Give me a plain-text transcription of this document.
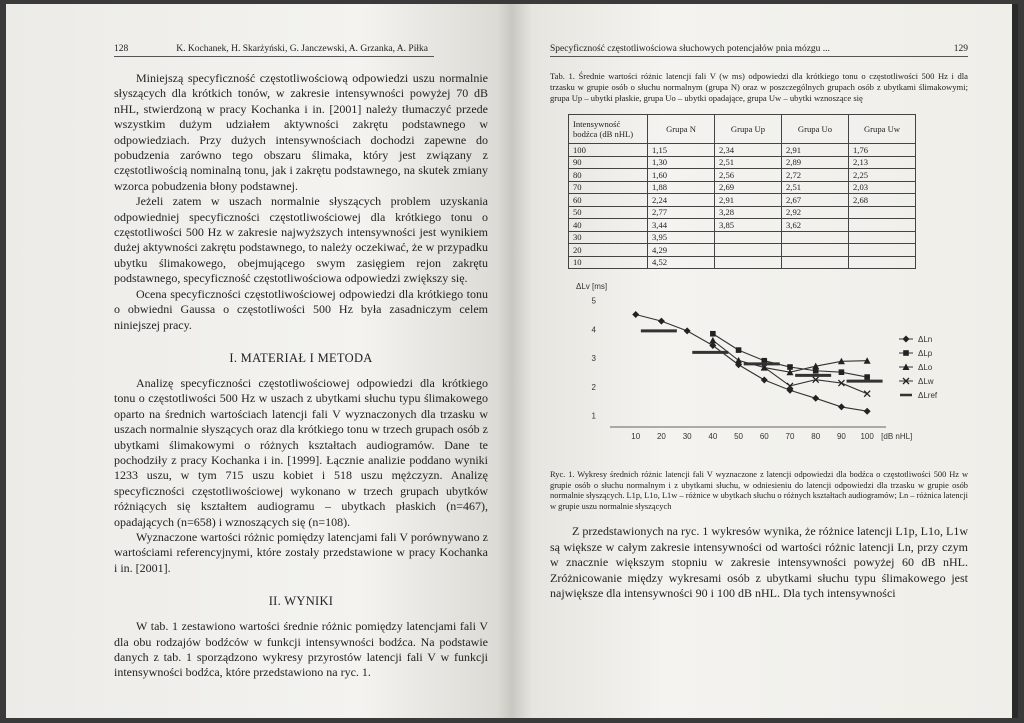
128	K. Kochanek, H. Skarżyński, G. Janczewski, A. Grzanka, A. Piłka

Miniejszą specyficzność częstotliwościową odpowiedzi uszu normalnie słyszących dla krótkich tonów, w zakresie intensywności powyżej 70 dB nHL, stwierdzoną w pracy Kochanka i in. [2001] należy tłumaczyć przede wszystkim dużym udziałem aktywności zakrętu podstawnego w odpowiedziach. Przy dużych intensywnościach dochodzi zapewne do pobudzenia zarówno tego obszaru ślimaka, który jest związany z częstotliwością nominalną tonu, jak i zakrętu podstawnego, na skutek zmiany wzorca pobudzenia błony podstawnej.

Jeżeli zatem w uszach normalnie słyszących problem uzyskania odpowiedniej specyficzności częstotliwościowej dla krótkiego tonu o częstotliwości 500 Hz w zakresie najwyższych intensywności jest wynikiem dużej aktywności zakrętu podstawnego, to należy oczekiwać, że w przypadku ubytku ślimakowego, obejmującego swym zasięgiem rejon zakrętu podstawnego, specyficzność częstotliwościowa odpowiedzi zwiększy się.

Ocena specyficzności częstotliwościowej odpowiedzi dla krótkiego tonu o obwiedni Gaussa o częstotliwości 500 Hz była zasadniczym celem niniejszej pracy.

I. MATERIAŁ I METODA

Analizę specyficzności częstotliwościowej odpowiedzi dla krótkiego tonu o częstotliwości 500 Hz w uszach z ubytkami słuchu typu ślimakowego oparto na średnich wartościach latencji fali V wyznaczonych dla trzasku w uszach normalnie słyszących oraz dla krótkiego tonu w trzech grupach osób z ubytkami ślimakowymi o różnych kształtach audiogramów. Dane te pochodziły z pracy Kochanka i in. [1999]. Łącznie analizie poddano wyniki 1233 uszu, w tym 715 uszu kobiet i 518 uszu mężczyzn. Analizę specyficzności częstotliwościowej wykonano w trzech grupach ubytków różniących się kształtem audiogramu – ubytkach płaskich (n=467), opadających (n=658) i wznoszących się (n=108).

Wyznaczone wartości różnic pomiędzy latencjami fali V porównywano z wartościami referencyjnymi, które zostały przedstawione w pracy Kochanka i in. [2001].

II. WYNIKI

W tab. 1 zestawiono wartości średnie różnic pomiędzy latencjami fali V dla obu rodzajów bodźców w funkcji intensywności bodźca. Na podstawie danych z tab. 1 sporządzono wykresy przyrostów latencji fali V w funkcji intensywności bodźca, które przedstawiono na ryc. 1.

Specyficzność częstotliwościowa słuchowych potencjałów pnia mózgu ...	129

Tab. 1. Średnie wartości różnic latencji fali V (w ms) odpowiedzi dla krótkiego tonu o częstotliwości 500 Hz i dla trzasku w grupie osób o słuchu normalnym (grupa N) oraz w poszczególnych grupach osób z ubytkami ślimakowymi; grupa Up – ubytki płaskie, grupa Uo – ubytki opadające, grupa Uw – ubytki wznoszące się

Intensywność bodźca (dB nHL)	Grupa N	Grupa Up	Grupa Uo	Grupa Uw
100	1,15	2,34	2,91	1,76
90	1,30	2,51	2,89	2,13
80	1,60	2,56	2,72	2,25
70	1,88	2,69	2,51	2,03
60	2,24	2,91	2,67	2,68
50	2,77	3,28	2,92	
40	3,44	3,85	3,62	
30	3,95			
20	4,29			
10	4,52			
ΔLv [ms]
1
2
3
4
5
10 20 30 40 50 60 70 80 90 100 [dB nHL]
ΔLn
ΔLp
ΔLo
ΔLw
ΔLref

Ryc. 1. Wykresy średnich różnic latencji fali V wyznaczone z latencji odpowiedzi dla bodźca o częstotliwości 500 Hz w grupie osób o słuchu normalnym i z ubytkami słuchu, w odniesieniu do latencji odpowiedzi dla trzasku w grupie osób normalnie słyszących. L1p, L1o, L1w – różnice w ubytkach słuchu o różnych kształtach audiogramów; Ln – różnica latencji w grupie uszu normalnie słyszących

Z przedstawionych na ryc. 1 wykresów wynika, że różnice latencji L1p, L1o, L1w są większe w całym zakresie intensywności od wartości różnic latencji Ln, przy czym w znacznie większym stopniu w zakresie intensywności powyżej 60 dB nHL. Zróżnicowanie między wykresami osób z ubytkami słuchu typu ślimakowego jest największe dla intensywności 90 i 100 dB nHL. Dla tych intensywności
